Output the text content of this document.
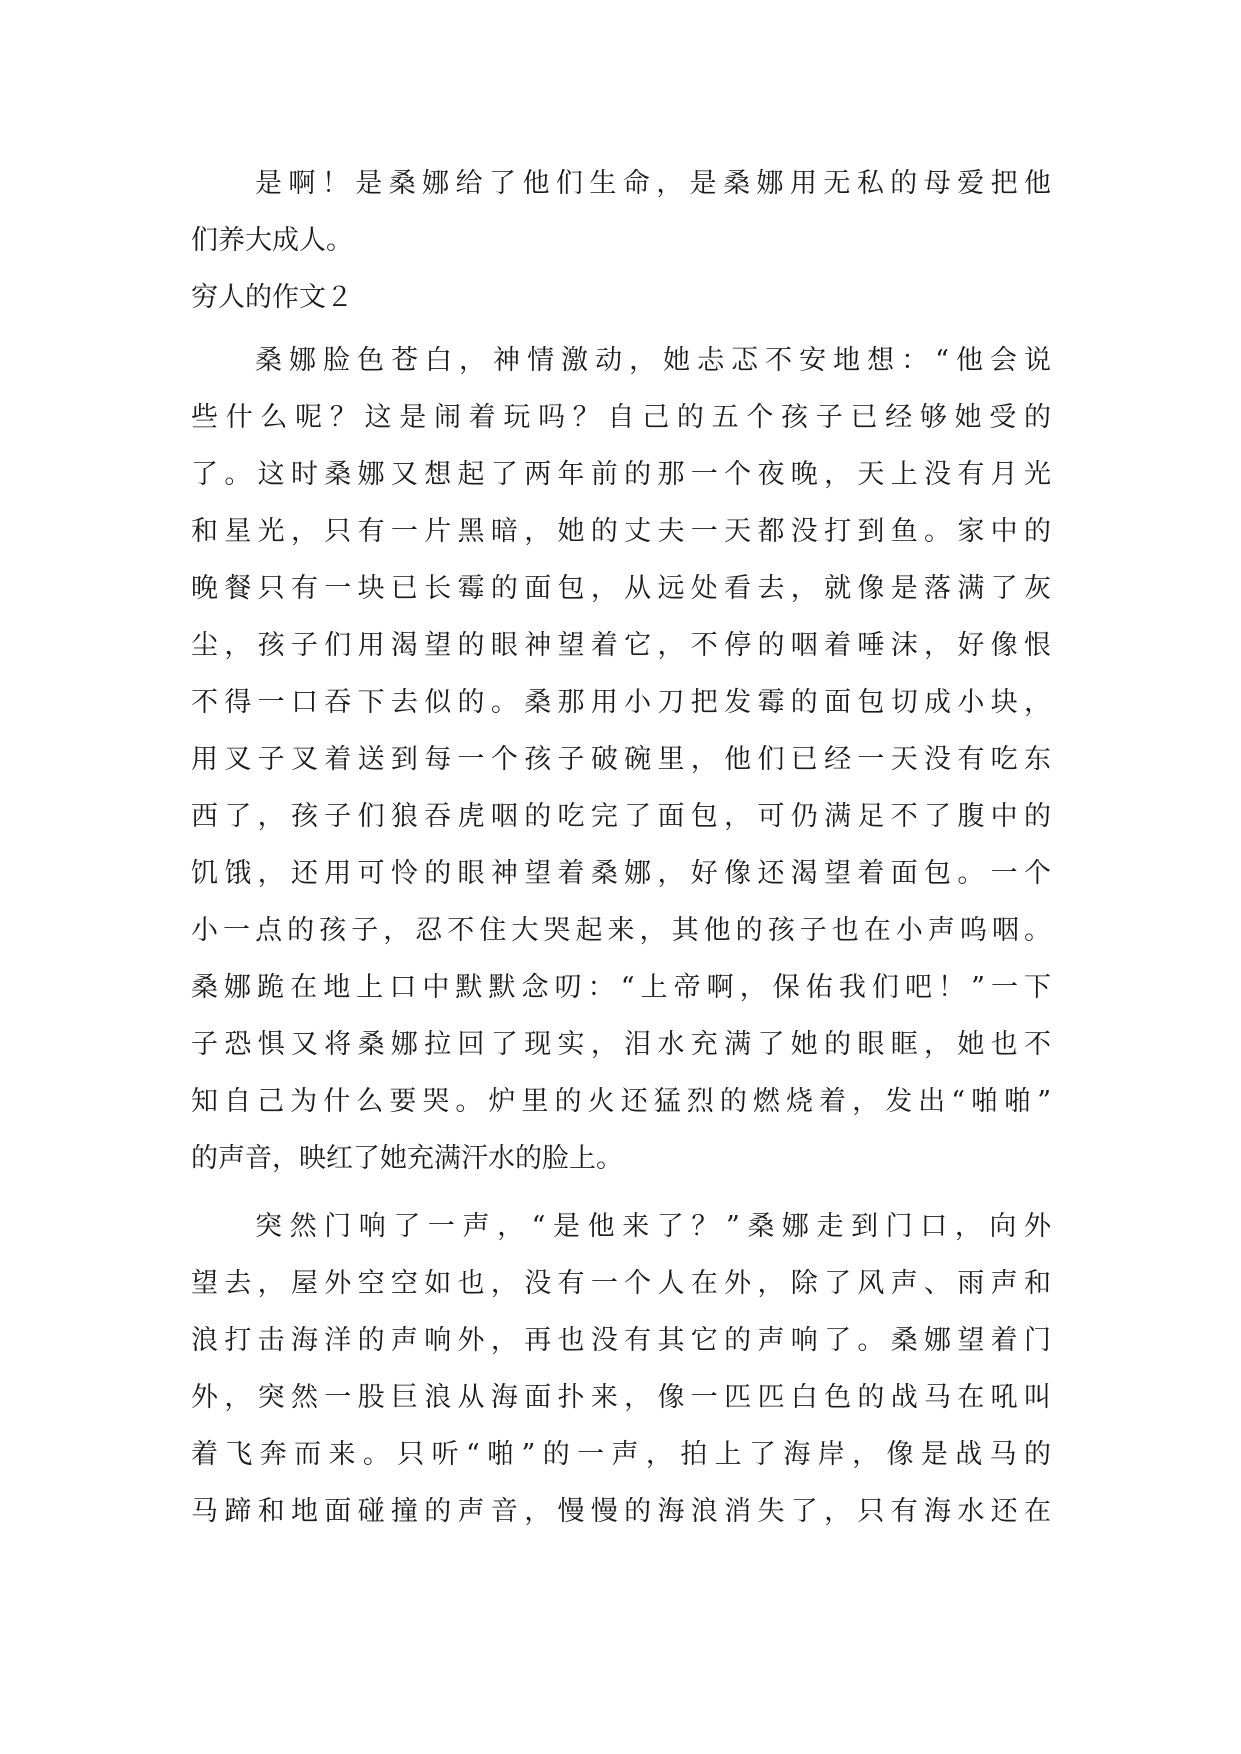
是啊！是桑娜给了他们生命，是桑娜用无私的母爱把他

们养大成人。

穷人的作文２

桑娜脸色苍白，神情激动，她忐忑不安地想：“他会说

些什么呢？这是闹着玩吗？自己的五个孩子已经够她受的

了。这时桑娜又想起了两年前的那一个夜晚，天上没有月光

和星光，只有一片黑暗，她的丈夫一天都没打到鱼。家中的

晚餐只有一块已长霉的面包，从远处看去，就像是落满了灰

尘，孩子们用渴望的眼神望着它，不停的咽着唾沫，好像恨

不得一口吞下去似的。桑那用小刀把发霉的面包切成小块，

用叉子叉着送到每一个孩子破碗里，他们已经一天没有吃东

西了，孩子们狼吞虎咽的吃完了面包，可仍满足不了腹中的

饥饿，还用可怜的眼神望着桑娜，好像还渴望着面包。一个

小一点的孩子，忍不住大哭起来，其他的孩子也在小声呜咽。

桑娜跪在地上口中默默念叨：“上帝啊，保佑我们吧！”一下

子恐惧又将桑娜拉回了现实，泪水充满了她的眼眶，她也不

知自己为什么要哭。炉里的火还猛烈的燃烧着，发出“啪啪”

的声音，映红了她充满汗水的脸上。

突然门响了一声，“是他来了？”桑娜走到门口，向外

望去，屋外空空如也，没有一个人在外，除了风声、雨声和

浪打击海洋的声响外，再也没有其它的声响了。桑娜望着门

外，突然一股巨浪从海面扑来，像一匹匹白色的战马在吼叫

着飞奔而来。只听“啪”的一声，拍上了海岸，像是战马的

马蹄和地面碰撞的声音，慢慢的海浪消失了，只有海水还在
